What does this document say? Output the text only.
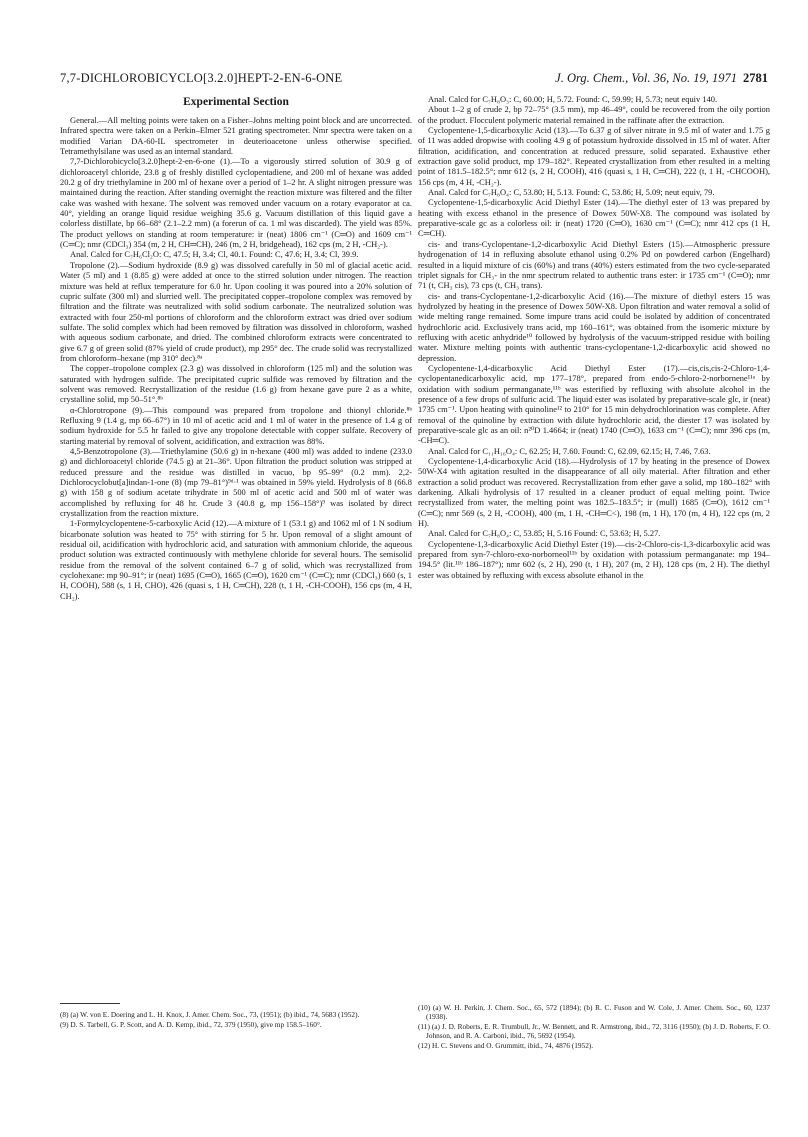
7,7-DICHLOROBICYCLO[3.2.0]HEPT-2-EN-6-ONE	J. Org. Chem., Vol. 36, No. 19, 1971 2781
Experimental Section

General.—All melting points were taken on a Fisher–Johns melting point block and are uncorrected. Infrared spectra were taken on a Perkin–Elmer 521 grating spectrometer. Nmr spectra were taken on a modified Varian DA-60-IL spectrometer in deuterioacetone unless otherwise specified. Tetramethylsilane was used as an internal standard.

7,7-Dichlorobicyclo[3.2.0]hept-2-en-6-one (1).—To a vigorously stirred solution of 30.9 g of dichloroacetyl chloride, 23.8 g of freshly distilled cyclopentadiene, and 200 ml of hexane was added 20.2 g of dry triethylamine in 200 ml of hexane over a period of 1–2 hr. A slight nitrogen pressure was maintained during the reaction. After standing overnight the reaction mixture was filtered and the filter cake was washed with hexane. The solvent was removed under vacuum on a rotary evaporator at ca. 40°, yielding an orange liquid residue weighing 35.6 g. Vacuum distillation of this liquid gave a colorless distillate, bp 66–68° (2.1–2.2 mm) (a forerun of ca. 1 ml was discarded). The yield was 85%. The product yellows on standing at room temperature: ir (neat) 1806 cm⁻¹ (C═O) and 1609 cm⁻¹ (C═C); nmr (CDCl₃) 354 (m, 2 H, CH═CH), 246 (m, 2 H, bridgehead), 162 cps (m, 2 H, -CH₂-).

Anal. Calcd for C₇H₆Cl₂O: C, 47.5; H, 3.4; Cl, 40.1. Found: C, 47.6; H, 3.4; Cl, 39.9.

Tropolone (2).—Sodium hydroxide (8.9 g) was dissolved carefully in 50 ml of glacial acetic acid. Water (5 ml) and 1 (8.85 g) were added at once to the stirred solution under nitrogen. The reaction mixture was held at reflux temperature for 6.0 hr. Upon cooling it was poured into a 20% solution of cupric sulfate (300 ml) and slurried well. The precipitated copper–tropolone complex was removed by filtration and the filtrate was neutralized with solid sodium carbonate. The neutralized solution was extracted with four 250-ml portions of chloroform and the chloroform extract was dried over sodium sulfate. The solid complex which had been removed by filtration was dissolved in chloroform, washed with aqueous sodium carbonate, and dried. The combined chloroform extracts were concentrated to give 6.7 g of green solid (87% yield of crude product), mp 295° dec. The crude solid was recrystallized from chloroform–hexane (mp 310° dec).⁸ᵃ

The copper–tropolone complex (2.3 g) was dissolved in chloroform (125 ml) and the solution was saturated with hydrogen sulfide. The precipitated cupric sulfide was removed by filtration and the solvent was removed. Recrystallization of the residue (1.6 g) from hexane gave pure 2 as a white, crystalline solid, mp 50–51°.⁸ᵇ

α-Chlorotropone (9).—This compound was prepared from tropolone and thionyl chloride.⁸ᵇ Refluxing 9 (1.4 g, mp 66–67°) in 10 ml of acetic acid and 1 ml of water in the presence of 1.4 g of sodium hydroxide for 5.5 hr failed to give any tropolone detectable with copper sulfate. Recovery of starting material by removal of solvent, acidification, and extraction was 88%.

4,5-Benzotropolone (3).—Triethylamine (50.6 g) in n-hexane (400 ml) was added to indene (233.0 g) and dichloroacetyl chloride (74.5 g) at 21–36°. Upon filtration the product solution was stripped at reduced pressure and the residue was distilled in vacuo, bp 95–99° (0.2 mm). 2,2-Dichlorocyclobut[a]indan-1-one (8) (mp 79–81°)⁹ᵈ·¹ was obtained in 59% yield. Hydrolysis of 8 (66.8 g) with 158 g of sodium acetate trihydrate in 500 ml of acetic acid and 500 ml of water was accomplished by refluxing for 48 hr. Crude 3 (40.8 g, mp 156–158°)⁹ was isolated by direct crystallization from the reaction mixture.

1-Formylcyclopentene-5-carboxylic Acid (12).—A mixture of 1 (53.1 g) and 1062 ml of 1 N sodium bicarbonate solution was heated to 75° with stirring for 5 hr. Upon removal of a slight amount of residual oil, acidification with hydrochloric acid, and saturation with ammonium chloride, the aqueous product solution was extracted continuously with methylene chloride for several hours. The semisolid residue from the removal of the solvent contained 6–7 g of solid, which was recrystallized from cyclohexane: mp 90–91°; ir (neat) 1695 (C═O), 1665 (C═O), 1620 cm⁻¹ (C═C); nmr (CDCl₃) 660 (s, 1 H, COOH), 588 (s, 1 H, CHO), 426 (quasi s, 1 H, C═CH), 228 (t, 1 H, -CH-COOH), 156 cps (m, 4 H, CH₂).

Anal. Calcd for C₇H₈O₃: C, 60.00; H, 5.72. Found: C, 59.99; H, 5.73; neut equiv 140.

About 1–2 g of crude 2, bp 72–75° (3.5 mm), mp 46–49°, could be recovered from the oily portion of the product. Flocculent polymeric material remained in the raffinate after the extraction.

Cyclopentene-1,5-dicarboxylic Acid (13).—To 6.37 g of silver nitrate in 9.5 ml of water and 1.75 g of 11 was added dropwise with cooling 4.9 g of potassium hydroxide dissolved in 15 ml of water. After filtration, acidification, and concentration at reduced pressure, solid separated. Exhaustive ether extraction gave solid product, mp 179–182°. Repeated crystallization from ether resulted in a melting point of 181.5–182.5°; nmr 612 (s, 2 H, COOH), 416 (quasi s, 1 H, C═CH), 222 (t, 1 H, -CHCOOH), 156 cps (m, 4 H, -CH₂-).

Anal. Calcd for C₇H₈O₄: C, 53.80; H, 5.13. Found: C, 53.86; H, 5.09; neut equiv, 79.

Cyclopentene-1,5-dicarboxylic Acid Diethyl Ester (14).—The diethyl ester of 13 was prepared by heating with excess ethanol in the presence of Dowex 50W-X8. The compound was isolated by preparative-scale gc as a colorless oil: ir (neat) 1720 (C═O), 1630 cm⁻¹ (C═C); nmr 412 cps (1 H, C═CH).

cis- and trans-Cyclopentane-1,2-dicarboxylic Acid Diethyl Esters (15).—Atmospheric pressure hydrogenation of 14 in refluxing absolute ethanol using 0.2% Pd on powdered carbon (Engelhard) resulted in a liquid mixture of cis (60%) and trans (40%) esters estimated from the two cycle-separated triplet signals for CH₃- in the nmr spectrum related to authentic trans ester: ir 1735 cm⁻¹ (C═O); nmr 71 (t, CH₃ cis), 73 cps (t, CH₃ trans).

cis- and trans-Cyclopentane-1,2-dicarboxylic Acid (16).—The mixture of diethyl esters 15 was hydrolyzed by heating in the presence of Dowex 50W-X8. Upon filtration and water removal a solid of wide melting range remained. Some impure trans acid could be isolated by addition of concentrated hydrochloric acid. Exclusively trans acid, mp 160–161°, was obtained from the isomeric mixture by refluxing with acetic anhydride¹⁰ followed by hydrolysis of the vacuum-stripped residue with boiling water. Mixture melting points with authentic trans-cyclopentane-1,2-dicarboxylic acid showed no depression.

Cyclopentene-1,4-dicarboxylic Acid Diethyl Ester (17).—cis,cis,cis-2-Chloro-1,4-cyclopentanedicarboxylic acid, mp 177–178°, prepared from endo-5-chloro-2-norbornene¹¹ᵃ by oxidation with sodium permanganate,¹¹ᵇ was esterified by refluxing with absolute alcohol in the presence of a few drops of sulfuric acid. The liquid ester was isolated by preparative-scale glc, ir (neat) 1735 cm⁻¹. Upon heating with quinoline¹² to 210° for 15 min dehydrochlorination was complete. After removal of the quinoline by extraction with dilute hydrochloric acid, the diester 17 was isolated by preparative-scale glc as an oil: n²⁰D 1.4664; ir (neat) 1740 (C═O), 1633 cm⁻¹ (C═C); nmr 396 cps (m, -CH═C).

Anal. Calcd for C₁₁H₁₆O₄: C, 62.25; H, 7.60. Found: C, 62.09, 62.15; H, 7.46, 7.63.

Cyclopentene-1,4-dicarboxylic Acid (18).—Hydrolysis of 17 by heating in the presence of Dowex 50W-X4 with agitation resulted in the disappearance of all oily material. After filtration and ether extraction a solid product was recovered. Recrystallization from ether gave a solid, mp 180–182° with darkening. Alkali hydrolysis of 17 resulted in a cleaner product of equal melting point. Twice recrystallized from water, the melting point was 182.5–183.5°; ir (mull) 1685 (C═O), 1612 cm⁻¹ (C═C); nmr 569 (s, 2 H, -COOH), 400 (m, 1 H, -CH═C<), 198 (m, 1 H), 170 (m, 4 H), 122 cps (m, 2 H).

Anal. Calcd for C₇H₈O₄: C, 53.85; H, 5.16 Found: C, 53.63; H, 5.27.

Cyclopentene-1,3-dicarboxylic Acid Diethyl Ester (19).—cis-2-Chloro-cis-1,3-dicarboxylic acid was prepared from syn-7-chloro-exo-norborneol¹¹ᵇ by oxidation with potassium permanganate: mp 194–194.5° (lit.¹¹ᵇ 186–187°); nmr 602 (s, 2 H), 290 (t, 1 H), 207 (m, 2 H), 128 cps (m, 2 H). The diethyl ester was obtained by refluxing with excess absolute ethanol in the

(8) (a) W. von E. Doering and L. H. Knox, J. Amer. Chem. Soc., 73, (1951); (b) ibid., 74, 5683 (1952).

(9) D. S. Tarbell, G. P. Scott, and A. D. Kemp, ibid., 72, 379 (1950), give mp 158.5–160°.

(10) (a) W. H. Perkin, J. Chem. Soc., 65, 572 (1894); (b) R. C. Fuson and W. Cole, J. Amer. Chem. Soc., 60, 1237 (1938).

(11) (a) J. D. Roberts, E. R. Trumbull, Jr., W. Bennett, and R. Armstrong, ibid., 72, 3116 (1950); (b) J. D. Roberts, F. O. Johnson, and R. A. Carboni, ibid., 76, 5692 (1954).

(12) H. C. Stevens and O. Grummitt, ibid., 74, 4876 (1952).
